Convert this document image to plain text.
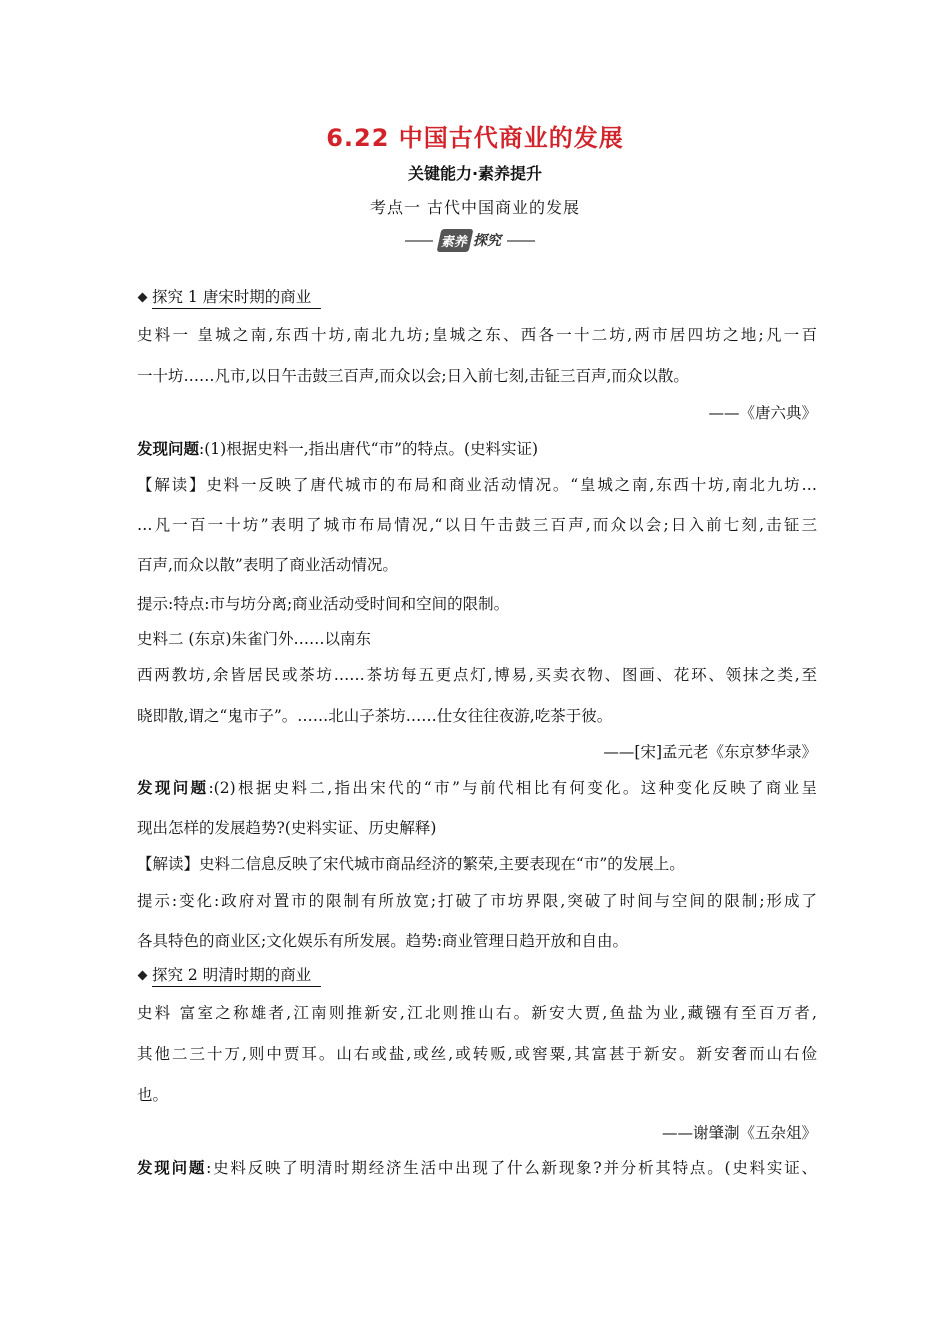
6.22 中国古代商业的发展
关键能力·素养提升
考点一 古代中国商业的发展
素养 探究
探究 1 唐宋时期的商业
史料一 皇城之南,东西十坊,南北九坊;皇城之东、西各一十二坊,两市居四坊之地;凡一百
一十坊……凡市,以日午击鼓三百声,而众以会;日入前七刻,击钲三百声,而众以散。
——《唐六典》
发现问题:(1)根据史料一,指出唐代“市”的特点。(史料实证)
【解读】史料一反映了唐代城市的布局和商业活动情况。“皇城之南,东西十坊,南北九坊…
…凡一百一十坊”表明了城市布局情况,“以日午击鼓三百声,而众以会;日入前七刻,击钲三
百声,而众以散”表明了商业活动情况。
提示:特点:市与坊分离;商业活动受时间和空间的限制。
史料二 (东京)朱雀门外……以南东
西两教坊,余皆居民或茶坊……茶坊每五更点灯,博易,买卖衣物、图画、花环、领抹之类,至
晓即散,谓之“鬼市子”。……北山子茶坊……仕女往往夜游,吃茶于彼。
——[宋]孟元老《东京梦华录》
发现问题:(2)根据史料二,指出宋代的“市”与前代相比有何变化。这种变化反映了商业呈
现出怎样的发展趋势?(史料实证、历史解释)
【解读】史料二信息反映了宋代城市商品经济的繁荣,主要表现在“市”的发展上。
提示:变化:政府对置市的限制有所放宽;打破了市坊界限,突破了时间与空间的限制;形成了
各具特色的商业区;文化娱乐有所发展。趋势:商业管理日趋开放和自由。
探究 2 明清时期的商业
史料 富室之称雄者,江南则推新安,江北则推山右。新安大贾,鱼盐为业,藏镪有至百万者,
其他二三十万,则中贾耳。山右或盐,或丝,或转贩,或窖粟,其富甚于新安。新安奢而山右俭
也。
——谢肇淛《五杂俎》
发现问题:史料反映了明清时期经济生活中出现了什么新现象?并分析其特点。(史料实证、
